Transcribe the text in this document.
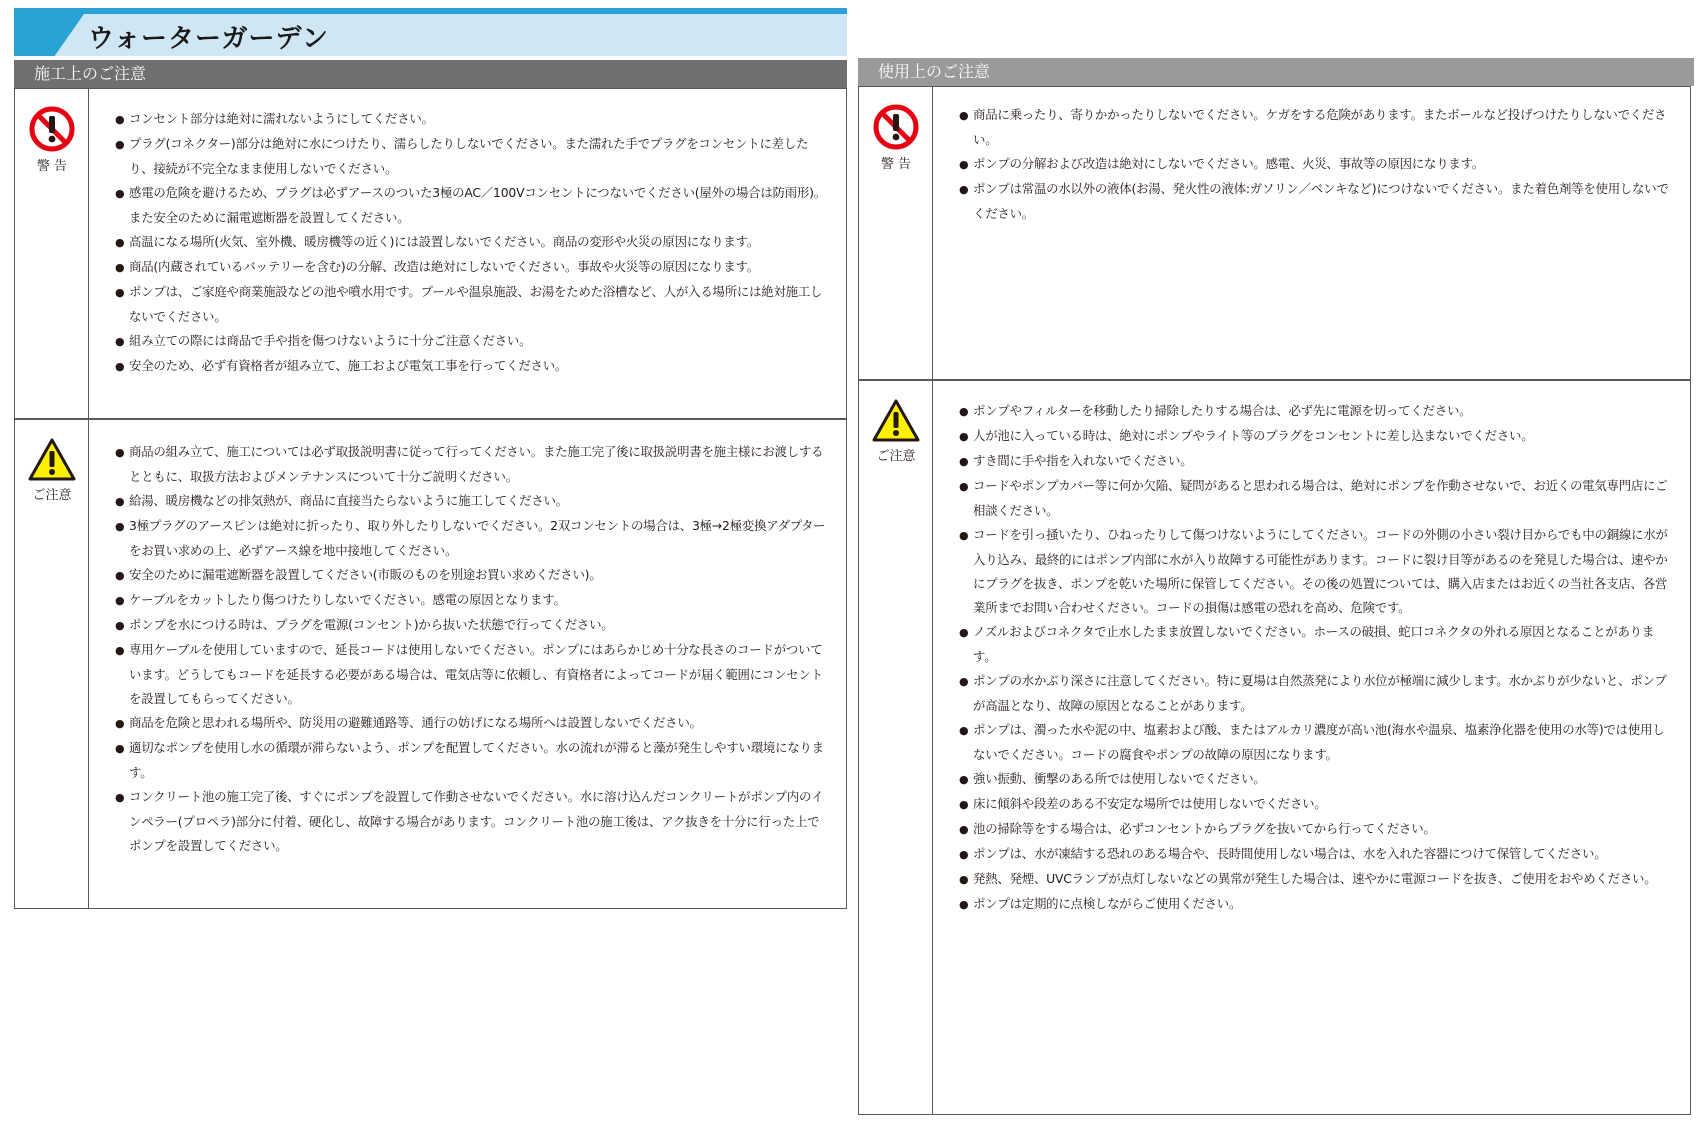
ウォーターガーデン
施工上のご注意	使用上のご注意
警 告

● コンセント部分は絶対に濡れないようにしてください。

● プラグ(コネクター)部分は絶対に水につけたり、濡らしたりしないでください。また濡れた手でプラグをコンセントに差したり、接続が不完全なまま使用しないでください。

● 感電の危険を避けるため、プラグは必ずアースのついた3極のAC／100Vコンセントにつないでください(屋外の場合は防雨形)。また安全のために漏電遮断器を設置してください。

● 高温になる場所(火気、室外機、暖房機等の近く)には設置しないでください。商品の変形や火災の原因になります。

● 商品(内蔵されているバッテリーを含む)の分解、改造は絶対にしないでください。事故や火災等の原因になります。

● ポンプは、ご家庭や商業施設などの池や噴水用です。プールや温泉施設、お湯をためた浴槽など、人が入る場所には絶対施工しないでください。

● 組み立ての際には商品で手や指を傷つけないように十分ご注意ください。

● 安全のため、必ず有資格者が組み立て、施工および電気工事を行ってください。

ご注意

● 商品の組み立て、施工については必ず取扱説明書に従って行ってください。また施工完了後に取扱説明書を施主様にお渡しするとともに、取扱方法およびメンテナンスについて十分ご説明ください。

● 給湯、暖房機などの排気熱が、商品に直接当たらないように施工してください。

● 3極プラグのアースピンは絶対に折ったり、取り外したりしないでください。2双コンセントの場合は、3極→2極変換アダプターをお買い求めの上、必ずアース線を地中接地してください。

● 安全のために漏電遮断器を設置してください(市販のものを別途お買い求めください)。

● ケーブルをカットしたり傷つけたりしないでください。感電の原因となります。

● ポンプを水につける時は、プラグを電源(コンセント)から抜いた状態で行ってください。

● 専用ケーブルを使用していますので、延長コードは使用しないでください。ポンプにはあらかじめ十分な長さのコードがついています。どうしてもコードを延長する必要がある場合は、電気店等に依頼し、有資格者によってコードが届く範囲にコンセントを設置してもらってください。

● 商品を危険と思われる場所や、防災用の避難通路等、通行の妨げになる場所へは設置しないでください。

● 適切なポンプを使用し水の循環が滞らないよう、ポンプを配置してください。水の流れが滞ると藻が発生しやすい環境になります。

● コンクリート池の施工完了後、すぐにポンプを設置して作動させないでください。水に溶け込んだコンクリートがポンプ内のインペラー(プロペラ)部分に付着、硬化し、故障する場合があります。コンクリート池の施工後は、アク抜きを十分に行った上でポンプを設置してください。

警 告

● 商品に乗ったり、寄りかかったりしないでください。ケガをする危険があります。またボールなど投げつけたりしないでください。

● ポンプの分解および改造は絶対にしないでください。感電、火災、事故等の原因になります。

● ポンプは常温の水以外の液体(お湯、発火性の液体:ガソリン／ベンキなど)につけないでください。また着色剤等を使用しないでください。

ご注意

● ポンプやフィルターを移動したり掃除したりする場合は、必ず先に電源を切ってください。

● 人が池に入っている時は、絶対にポンプやライト等のプラグをコンセントに差し込まないでください。

● すき間に手や指を入れないでください。

● コードやポンプカバー等に何か欠陥、疑問があると思われる場合は、絶対にポンプを作動させないで、お近くの電気専門店にご相談ください。

● コードを引っ掻いたり、ひねったりして傷つけないようにしてください。コードの外側の小さい裂け目からでも中の銅線に水が入り込み、最終的にはポンプ内部に水が入り故障する可能性があります。コードに裂け目等があるのを発見した場合は、速やかにプラグを抜き、ポンプを乾いた場所に保管してください。その後の処置については、購入店またはお近くの当社各支店、各営業所までお問い合わせください。コードの損傷は感電の恐れを高め、危険です。

● ノズルおよびコネクタで止水したまま放置しないでください。ホースの破損、蛇口コネクタの外れる原因となることがあります。

● ポンプの水かぶり深さに注意してください。特に夏場は自然蒸発により水位が極端に減少します。水かぶりが少ないと、ポンプが高温となり、故障の原因となることがあります。

● ポンプは、濁った水や泥の中、塩素および酸、またはアルカリ濃度が高い池(海水や温泉、塩素浄化器を使用の水等)では使用しないでください。コードの腐食やポンプの故障の原因になります。

● 強い振動、衝撃のある所では使用しないでください。

● 床に傾斜や段差のある不安定な場所では使用しないでください。

● 池の掃除等をする場合は、必ずコンセントからプラグを抜いてから行ってください。

● ポンプは、水が凍結する恐れのある場合や、長時間使用しない場合は、水を入れた容器につけて保管してください。

● 発熱、発煙、UVCランプが点灯しないなどの異常が発生した場合は、速やかに電源コードを抜き、ご使用をおやめください。

● ポンプは定期的に点検しながらご使用ください。
